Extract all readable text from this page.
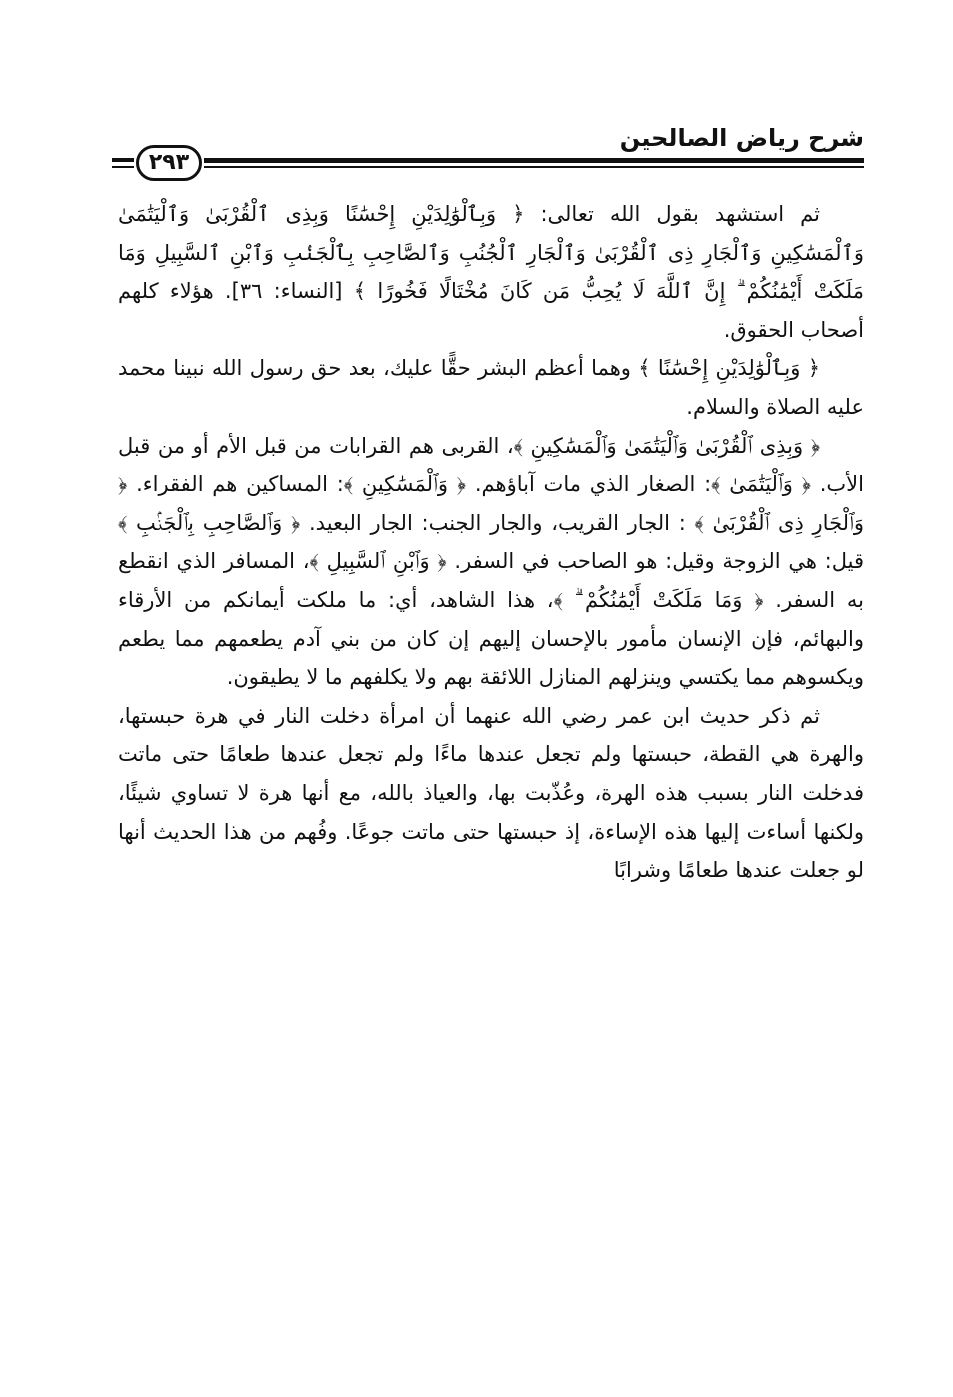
شرح رياض الصالحين
٢٩٣

ثم استشهد بقول الله تعالى: ﴿ وَبِٱلْوَٰلِدَيْنِ إِحْسَٰنًا وَبِذِى ٱلْقُرْبَىٰ وَٱلْيَتَٰمَىٰ وَٱلْمَسَٰكِينِ وَٱلْجَارِ ذِى ٱلْقُرْبَىٰ وَٱلْجَارِ ٱلْجُنُبِ وَٱلصَّاحِبِ بِٱلْجَنۢبِ وَٱبْنِ ٱلسَّبِيلِ وَمَا مَلَكَتْ أَيْمَٰنُكُمْ ۗ إِنَّ ٱللَّهَ لَا يُحِبُّ مَن كَانَ مُخْتَالًا فَخُورًا ﴾ [النساء: ٣٦]. هؤلاء كلهم أصحاب الحقوق.

﴿ وَبِٱلْوَٰلِدَيْنِ إِحْسَٰنًا ﴾ وهما أعظم البشر حقًّا عليك، بعد حق رسول الله نبينا محمد عليه الصلاة والسلام.

﴿ وَبِذِى ٱلْقُرْبَىٰ وَٱلْيَتَٰمَىٰ وَٱلْمَسَٰكِينِ ﴾، القربى هم القرابات من قبل الأم أو من قبل الأب. ﴿ وَٱلْيَتَٰمَىٰ ﴾: الصغار الذي مات آباؤهم. ﴿ وَٱلْمَسَٰكِينِ ﴾: المساكين هم الفقراء. ﴿ وَٱلْجَارِ ذِى ٱلْقُرْبَىٰ ﴾ : الجار القريب، والجار الجنب: الجار البعيد. ﴿ وَٱلصَّاحِبِ بِٱلْجَنۢبِ ﴾ قيل: هي الزوجة وقيل: هو الصاحب في السفر. ﴿ وَٱبْنِ ٱلسَّبِيلِ ﴾، المسافر الذي انقطع به السفر. ﴿ وَمَا مَلَكَتْ أَيْمَٰنُكُمْ ۗ ﴾، هذا الشاهد، أي: ما ملكت أيمانكم من الأرقاء والبهائم، فإن الإنسان مأمور بالإحسان إليهم إن كان من بني آدم يطعمهم مما يطعم ويكسوهم مما يكتسي وينزلهم المنازل اللائقة بهم ولا يكلفهم ما لا يطيقون.

ثم ذكر حديث ابن عمر رضي الله عنهما أن امرأة دخلت النار في هرة حبستها، والهرة هي القطة، حبستها ولم تجعل عندها ماءًا ولم تجعل عندها طعامًا حتى ماتت فدخلت النار بسبب هذه الهرة، وعُذّبت بها، والعياذ بالله، مع أنها هرة لا تساوي شيئًا، ولكنها أساءت إليها هذه الإساءة، إذ حبستها حتى ماتت جوعًا. وفُهم من هذا الحديث أنها لو جعلت عندها طعامًا وشرابًا
